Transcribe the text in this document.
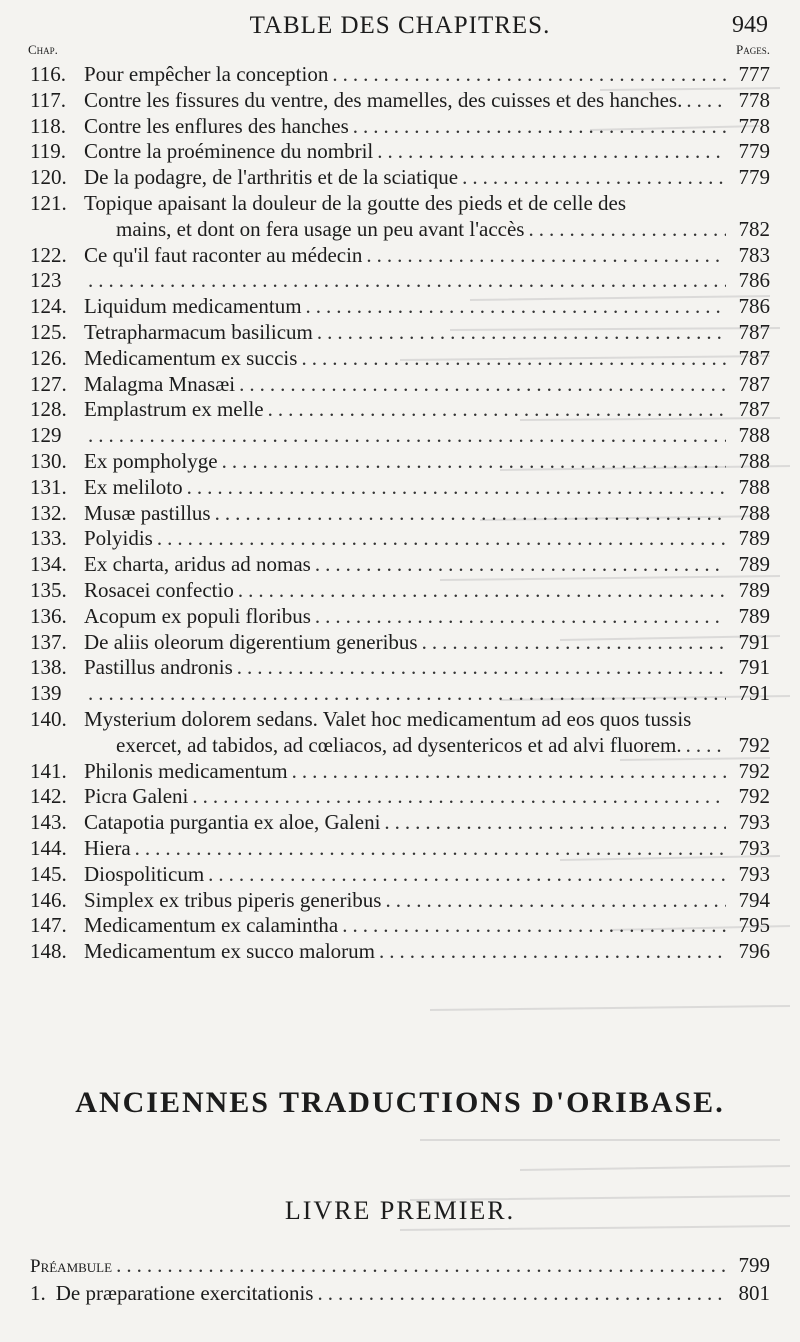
TABLE DES CHAPITRES.	949
Chap.	Pages.
116. Pour empêcher la conception .....	777
117. Contre les fissures du ventre, des mamelles, des cuisses et des hanches. .....	778
118. Contre les enflures des hanches .....	778
119. Contre la proéminence du nombril .....	779
120. De la podagre, de l'arthritis et de la sciatique .....	779
121. Topique apaisant la douleur de la goutte des pieds et de celle des
mains, et dont on fera usage un peu avant l'accès .....	782
122. Ce qu'il faut raconter au médecin .....	783
123 .....	786
124. Liquidum medicamentum .....	786
125. Tetrapharmacum basilicum .....	787
126. Medicamentum ex succis .....	787
127. Malagma Mnasæi .....	787
128. Emplastrum ex melle .....	787
129 .....	788
130. Ex pompholyge .....	788
131. Ex meliloto .....	788
132. Musæ pastillus .....	788
133. Polyidis .....	789
134. Ex charta, aridus ad nomas .....	789
135. Rosacei confectio .....	789
136. Acopum ex populi floribus .....	789
137. De aliis oleorum digerentium generibus .....	791
138. Pastillus andronis .....	791
139 .....	791
140. Mysterium dolorem sedans. Valet hoc medicamentum ad eos quos tussis
exercet, ad tabidos, ad cœliacos, ad dysentericos et ad alvi fluorem. .....	792
141. Philonis medicamentum .....	792
142. Picra Galeni .....	792
143. Catapotia purgantia ex aloe, Galeni .....	793
144. Hiera .....	793
145. Diospoliticum .....	793
146. Simplex ex tribus piperis generibus .....	794
147. Medicamentum ex calamintha .....	795
148. Medicamentum ex succo malorum .....	796
ANCIENNES TRADUCTIONS D'ORIBASE.
LIVRE PREMIER.
Préambule .....	799
1. De præparatione exercitationis .....	801
